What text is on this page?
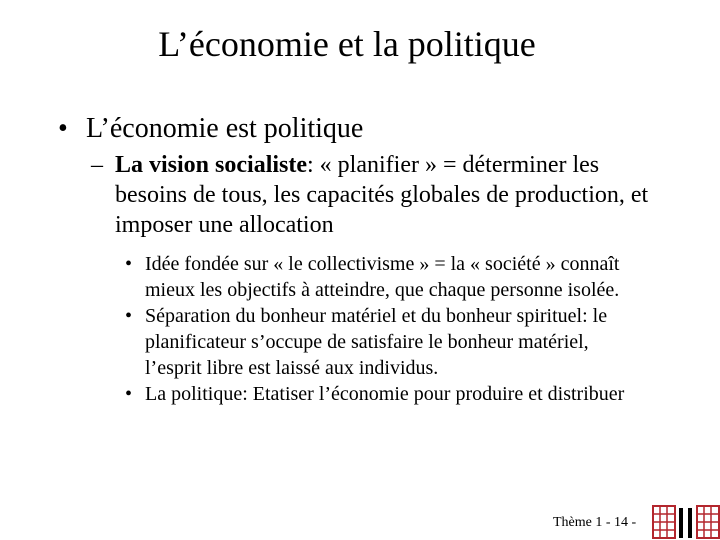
L’économie et la politique
• L’économie est politique
– La vision socialiste: « planifier » = déterminer les besoins de tous, les capacités globales de production, et imposer une allocation
• Idée fondée sur « le collectivisme » = la « société » connaît mieux les objectifs à atteindre, que chaque personne isolée.
• Séparation du bonheur matériel et du bonheur spirituel: le planificateur s’occupe de satisfaire le bonheur matériel, l’esprit libre est laissé aux individus.
• La politique: Etatiser l’économie pour produire et distribuer
Thème 1 - 14 -
